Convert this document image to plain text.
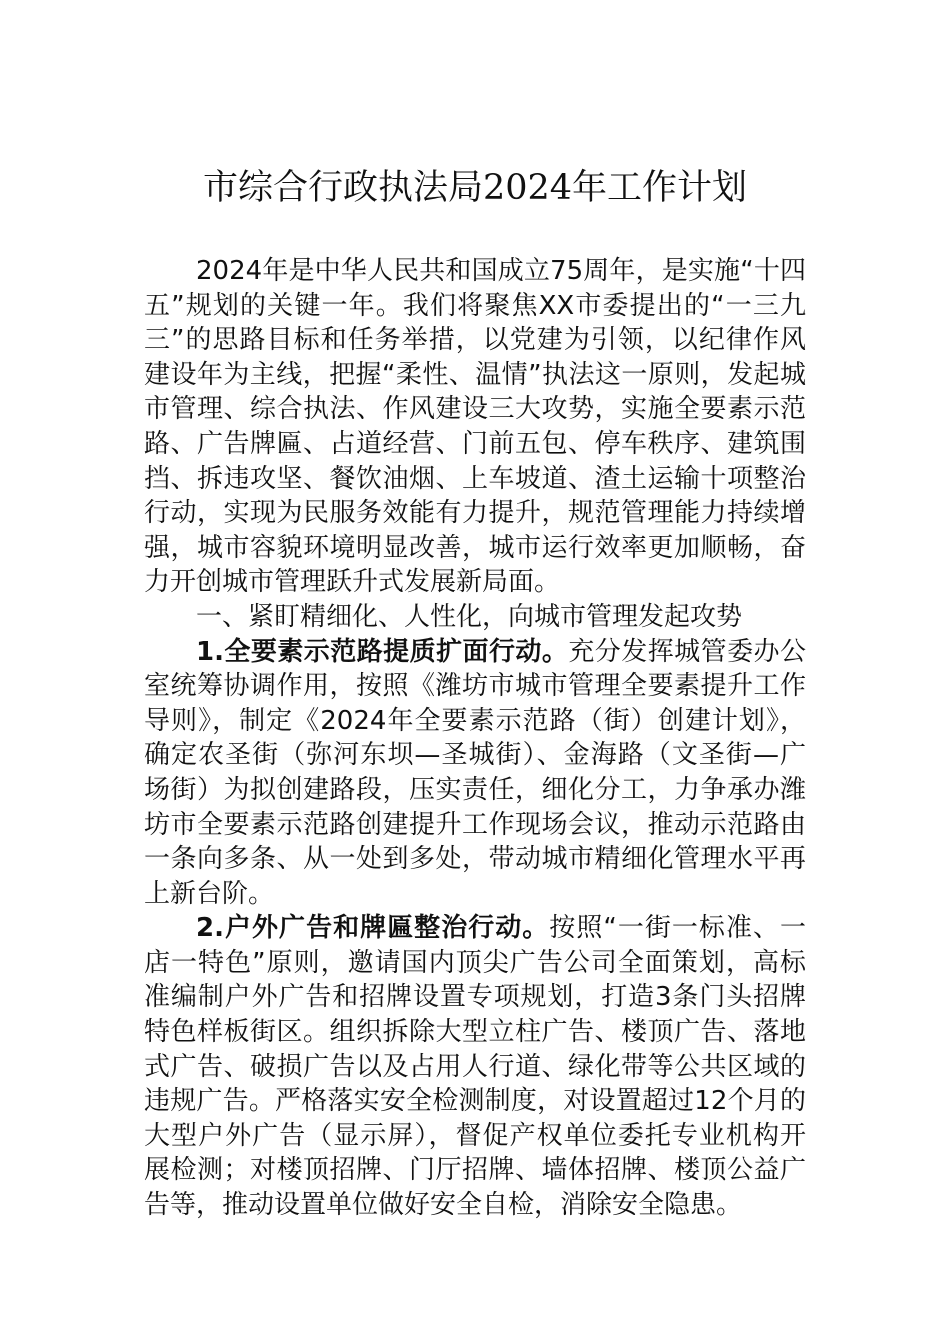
市综合行政执法局2024年工作计划

2024年是中华人民共和国成立75周年，是实施“十四五”规划的关键一年。我们将聚焦XX市委提出的“一三九三”的思路目标和任务举措，以党建为引领，以纪律作风建设年为主线，把握“柔性、温情”执法这一原则，发起城市管理、综合执法、作风建设三大攻势，实施全要素示范路、广告牌匾、占道经营、门前五包、停车秩序、建筑围挡、拆违攻坚、餐饮油烟、上车坡道、渣土运输十项整治行动，实现为民服务效能有力提升，规范管理能力持续增强，城市容貌环境明显改善，城市运行效率更加顺畅，奋力开创城市管理跃升式发展新局面。

一、紧盯精细化、人性化，向城市管理发起攻势

1.全要素示范路提质扩面行动。充分发挥城管委办公室统筹协调作用，按照《潍坊市城市管理全要素提升工作导则》，制定《2024年全要素示范路（街）创建计划》，确定农圣街（弥河东坝—圣城街）、金海路（文圣街—广场街）为拟创建路段，压实责任，细化分工，力争承办潍坊市全要素示范路创建提升工作现场会议，推动示范路由一条向多条、从一处到多处，带动城市精细化管理水平再上新台阶。

2.户外广告和牌匾整治行动。按照“一街一标准、一店一特色”原则，邀请国内顶尖广告公司全面策划，高标准编制户外广告和招牌设置专项规划，打造3条门头招牌特色样板街区。组织拆除大型立柱广告、楼顶广告、落地式广告、破损广告以及占用人行道、绿化带等公共区域的违规广告。严格落实安全检测制度，对设置超过12个月的大型户外广告（显示屏），督促产权单位委托专业机构开展检测；对楼顶招牌、门厅招牌、墙体招牌、楼顶公益广告等，推动设置单位做好安全自检，消除安全隐患。
